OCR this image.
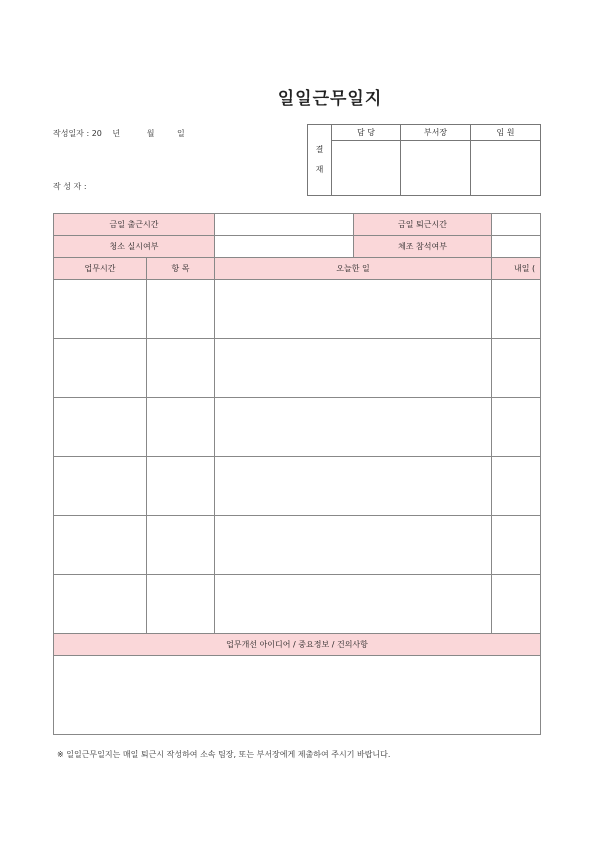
일일근무일지
작성일자 : 20 년	월	일
작 성 자 :
결
재	담 당	부서장	임 원

금일 출근시간			금일 퇴근시간	
청소 실시여부			체조 참석여부	
업무시간	항 목	오늘한 일		내일 (

업무개선 아이디어 / 중요정보 / 건의사항				

※ 일일근무일지는 매일 퇴근시 작성하여 소속 팀장, 또는 부서장에게 제출하여 주시기 바랍니다.
